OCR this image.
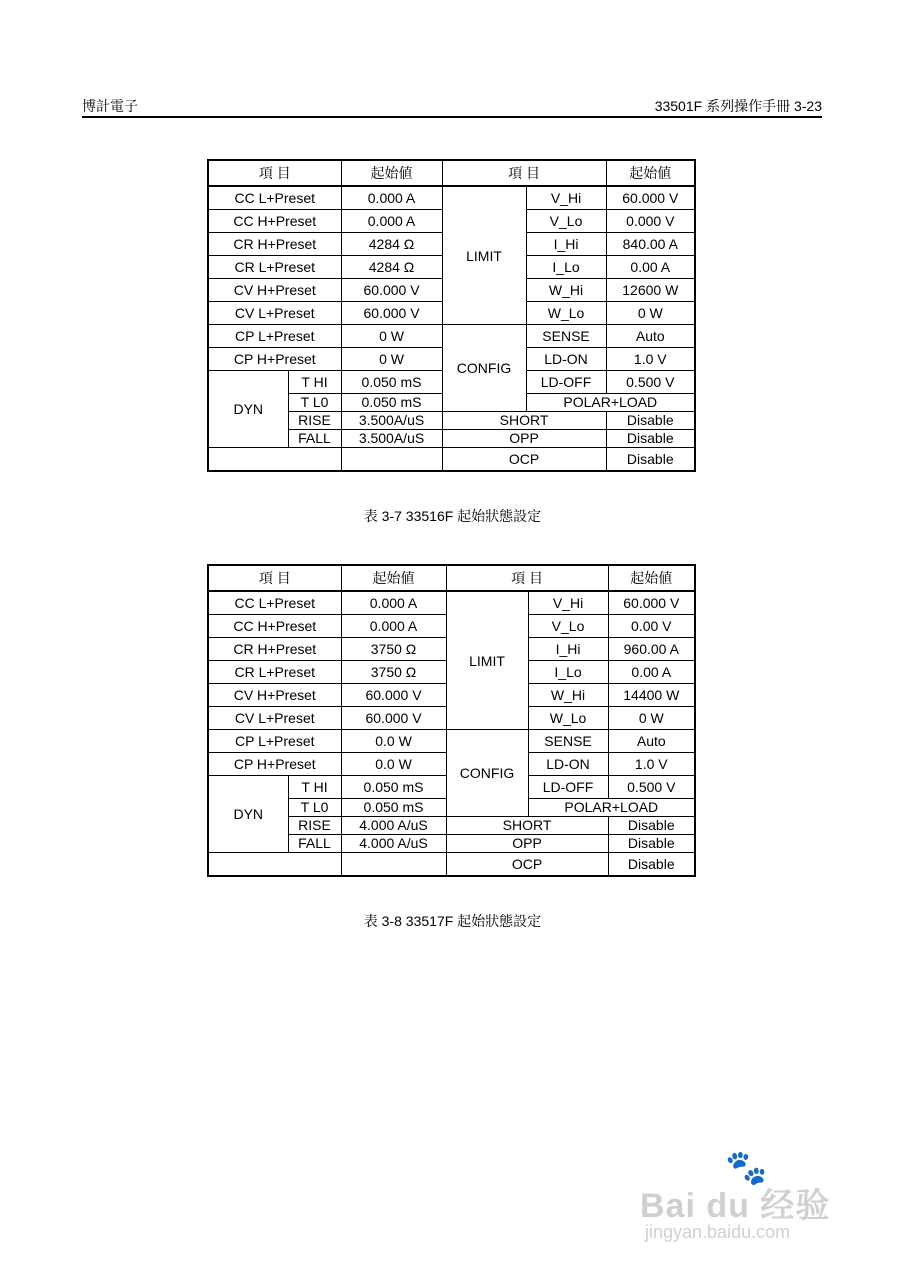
博計電子	33501F 系列操作手冊 3-23
項 目		起始値	項 目		起始値
CC L+Preset		0.000 A	LIMIT	V_Hi	60.000 V
CC H+Preset		0.000 A		V_Lo	0.000 V
CR H+Preset		4284 Ω		I_Hi	840.00 A
CR L+Preset		4284 Ω		I_Lo	0.00 A
CV H+Preset		60.000 V		W_Hi	12600 W
CV L+Preset		60.000 V		W_Lo	0 W
CP L+Preset		0 W	CONFIG	SENSE	Auto
CP H+Preset		0 W		LD-ON	1.0 V
DYN	T HI	0.050 mS		LD-OFF	0.500 V
	T L0	0.050 mS		POLAR+LOAD	
	RISE	3.500A/uS	SHORT		Disable
	FALL	3.500A/uS	OPP		Disable
			OCP		Disable
表 3-7 33516F 起始狀態設定
項 目		起始値	項 目		起始値
CC L+Preset		0.000 A	LIMIT	V_Hi	60.000 V
CC H+Preset		0.000 A		V_Lo	0.00 V
CR H+Preset		3750 Ω		I_Hi	960.00 A
CR L+Preset		3750 Ω		I_Lo	0.00 A
CV H+Preset		60.000 V		W_Hi	14400 W
CV L+Preset		60.000 V		W_Lo	0 W
CP L+Preset		0.0 W	CONFIG	SENSE	Auto
CP H+Preset		0.0 W		LD-ON	1.0 V
DYN	T HI	0.050 mS		LD-OFF	0.500 V
	T L0	0.050 mS		POLAR+LOAD	
	RISE	4.000 A/uS	SHORT		Disable
	FALL	4.000 A/uS	OPP		Disable
			OCP		Disable
表 3-8 33517F 起始狀態設定
🐾
Bai du 经验
jingyan.baidu.com
